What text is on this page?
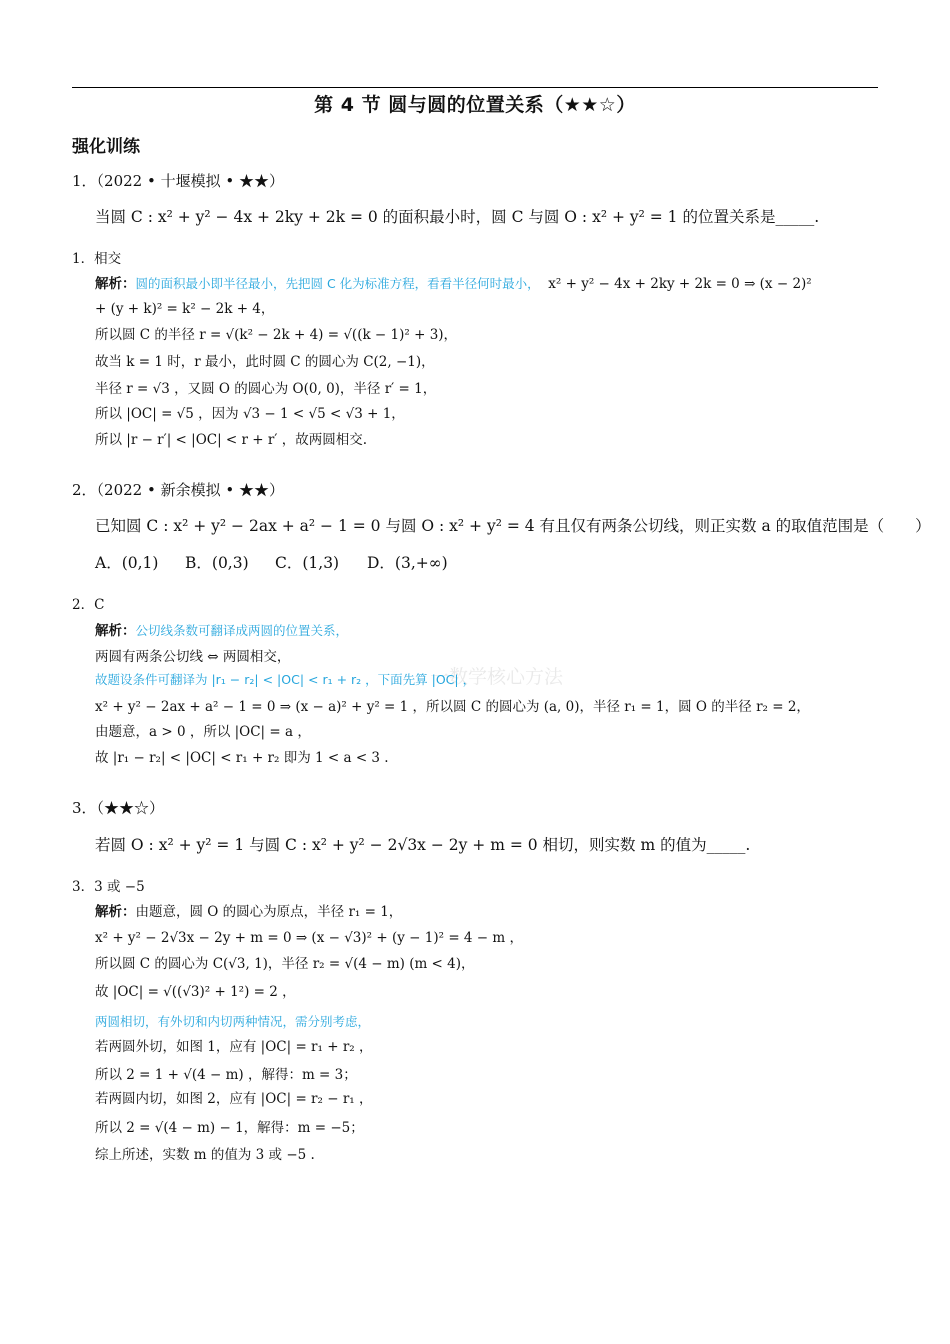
第 4 节 圆与圆的位置关系（★★☆）
强化训练
一数学核心方法
1．（2022 • 十堰模拟 • ★★）
当圆 C : x² + y² − 4x + 2ky + 2k = 0 的面积最小时，圆 C 与圆 O : x² + y² = 1 的位置关系是_____.
1．相交
解析：圆的面积最小即半径最小，先把圆 C 化为标准方程，看看半径何时最小， x² + y² − 4x + 2ky + 2k = 0 ⇒ (x − 2)²
+ (y + k)² = k² − 2k + 4，
所以圆 C 的半径 r = √(k² − 2k + 4) = √((k − 1)² + 3)，
故当 k = 1 时，r 最小，此时圆 C 的圆心为 C(2, −1)，
半径 r = √3 ，又圆 O 的圆心为 O(0, 0)，半径 r′ = 1，
所以 |OC| = √5 ，因为 √3 − 1 < √5 < √3 + 1，
所以 |r − r′| < |OC| < r + r′ ，故两圆相交.
2．（2022 • 新余模拟 • ★★）
已知圆 C : x² + y² − 2ax + a² − 1 = 0 与圆 O : x² + y² = 4 有且仅有两条公切线，则正实数 a 的取值范围是（　　）
A．(0,1) B．(0,3) C．(1,3) D．(3,+∞)
2．C
解析：公切线条数可翻译成两圆的位置关系，
两圆有两条公切线 ⇔ 两圆相交，
故题设条件可翻译为 |r₁ − r₂| < |OC| < r₁ + r₂ ，下面先算 |OC| ，
x² + y² − 2ax + a² − 1 = 0 ⇒ (x − a)² + y² = 1 ，所以圆 C 的圆心为 (a, 0)，半径 r₁ = 1，圆 O 的半径 r₂ = 2，
由题意，a > 0 ，所以 |OC| = a ，
故 |r₁ − r₂| < |OC| < r₁ + r₂ 即为 1 < a < 3 .
3．（★★☆）
若圆 O : x² + y² = 1 与圆 C : x² + y² − 2√3x − 2y + m = 0 相切，则实数 m 的值为_____.
3．3 或 −5
解析：由题意，圆 O 的圆心为原点，半径 r₁ = 1，
x² + y² − 2√3x − 2y + m = 0 ⇒ (x − √3)² + (y − 1)² = 4 − m ，
所以圆 C 的圆心为 C(√3, 1)，半径 r₂ = √(4 − m) (m < 4)，
故 |OC| = √((√3)² + 1²) = 2 ，
两圆相切，有外切和内切两种情况，需分别考虑，
若两圆外切，如图 1，应有 |OC| = r₁ + r₂ ，
所以 2 = 1 + √(4 − m) ，解得：m = 3；
若两圆内切，如图 2，应有 |OC| = r₂ − r₁ ，
所以 2 = √(4 − m) − 1，解得：m = −5；
综上所述，实数 m 的值为 3 或 −5 .
